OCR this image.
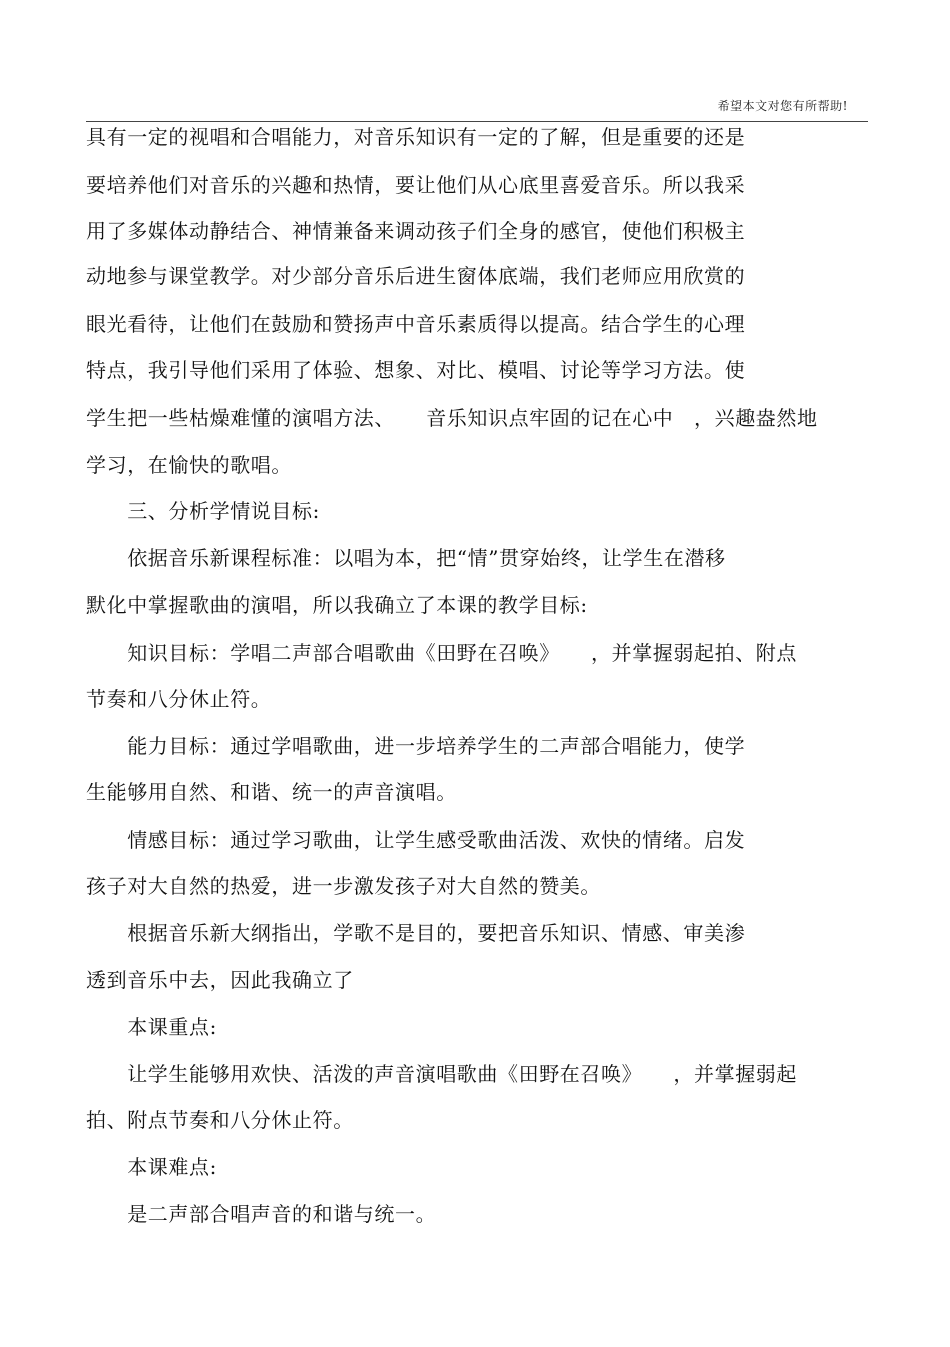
希望本文对您有所帮助!
具有一定的视唱和合唱能力，对音乐知识有一定的了解，但是重要的还是
要培养他们对音乐的兴趣和热情，要让他们从心底里喜爱音乐。所以我采
用了多媒体动静结合、神情兼备来调动孩子们全身的感官，使他们积极主
动地参与课堂教学。对少部分音乐后进生窗体底端，我们老师应用欣赏的
眼光看待，让他们在鼓励和赞扬声中音乐素质得以提高。结合学生的心理
特点，我引导他们采用了体验、想象、对比、模唱、讨论等学习方法。使
学生把一些枯燥难懂的演唱方法、　　音乐知识点牢固的记在心中　，兴趣盎然地
学习，在愉快的歌唱。
　　三、分析学情说目标:
　　依据音乐新课程标准：以唱为本，把“情”贯穿始终，让学生在潜移
默化中掌握歌曲的演唱，所以我确立了本课的教学目标:
　　知识目标：学唱二声部合唱歌曲《田野在召唤》　　，并掌握弱起拍、附点
节奏和八分休止符。
　　能力目标：通过学唱歌曲，进一步培养学生的二声部合唱能力，使学
生能够用自然、和谐、统一的声音演唱。
　　情感目标：通过学习歌曲，让学生感受歌曲活泼、欢快的情绪。启发
孩子对大自然的热爱，进一步激发孩子对大自然的赞美。
　　根据音乐新大纲指出，学歌不是目的，要把音乐知识、情感、审美渗
透到音乐中去，因此我确立了
　　本课重点:
　　让学生能够用欢快、活泼的声音演唱歌曲《田野在召唤》　　，并掌握弱起
拍、附点节奏和八分休止符。
　　本课难点:
　　是二声部合唱声音的和谐与统一。
